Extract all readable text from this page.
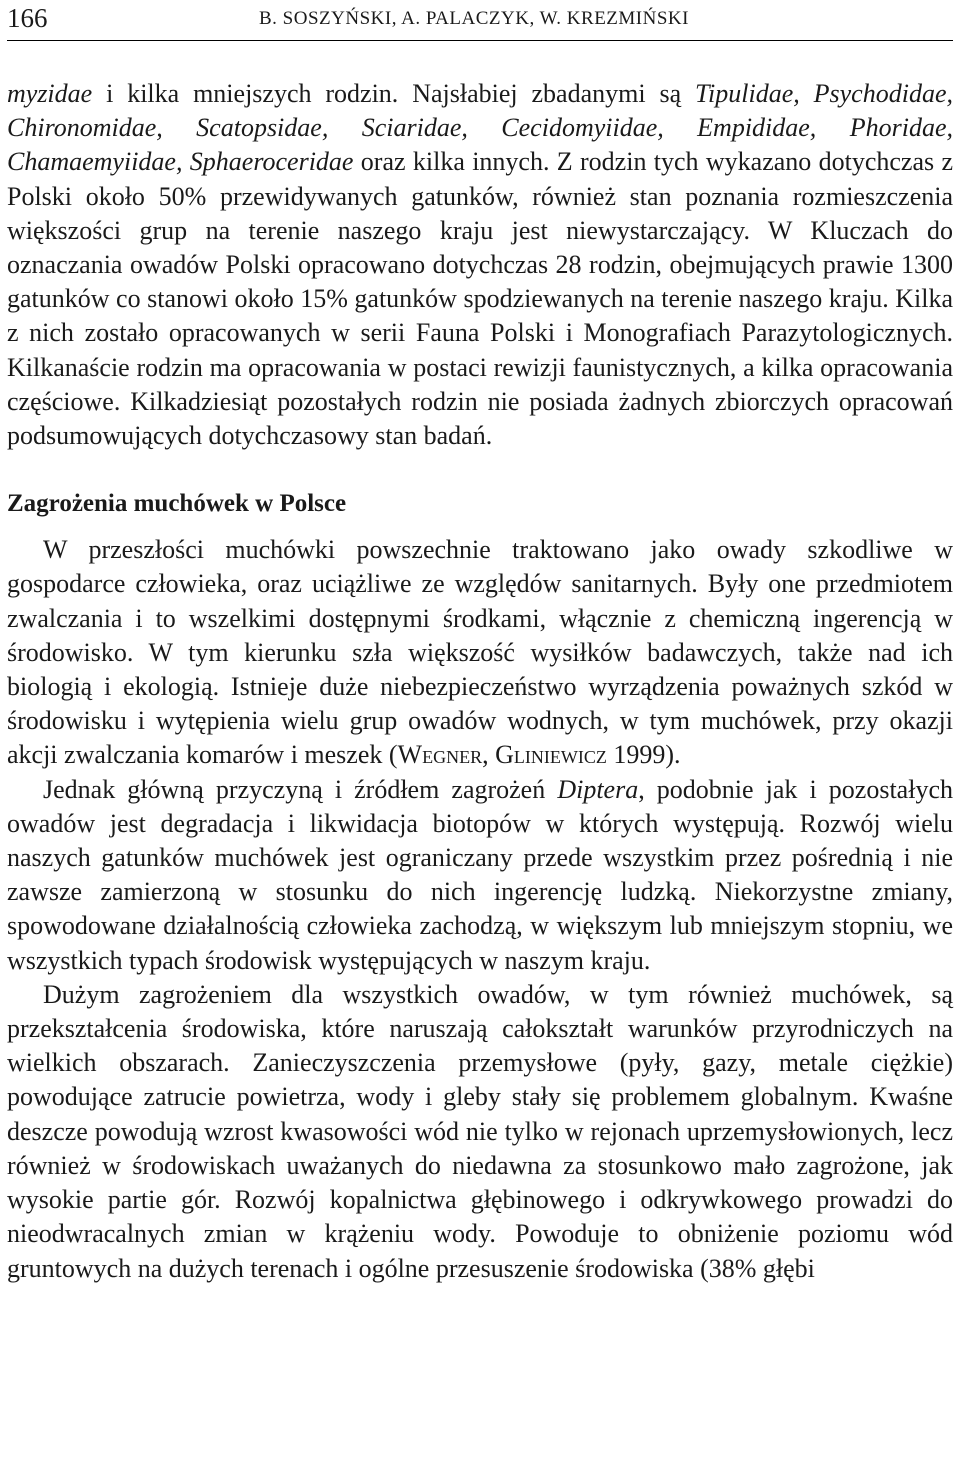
166	B. SOSZYŃSKI, A. PALACZYK, W. KREZMIŃSKI

myzidae i kilka mniejszych rodzin. Najsłabiej zbadanymi są Tipulidae, Psychodidae, Chironomidae, Scatopsidae, Sciaridae, Cecidomyiidae, Empididae, Phoridae, Chamaemyiidae, Sphaeroceridae oraz kilka innych. Z rodzin tych wykazano dotychczas z Polski około 50% przewidywanych gatunków, również stan poznania rozmieszczenia większości grup na terenie naszego kraju jest niewystarczający. W Kluczach do oznaczania owadów Polski opracowano dotychczas 28 rodzin, obejmujących prawie 1300 gatunków co stanowi około 15% gatunków spodziewanych na terenie naszego kraju. Kilka z nich zostało opracowanych w serii Fauna Polski i Monografiach Parazytologicznych. Kilkanaście rodzin ma opracowania w postaci rewizji faunistycznych, a kilka opracowania częściowe. Kilkadziesiąt pozostałych rodzin nie posiada żadnych zbiorczych opracowań podsumowujących dotychczasowy stan badań.

Zagrożenia muchówek w Polsce

W przeszłości muchówki powszechnie traktowano jako owady szkodliwe w gospodarce człowieka, oraz uciążliwe ze względów sanitarnych. Były one przedmiotem zwalczania i to wszelkimi dostępnymi środkami, włącznie z chemiczną ingerencją w środowisko. W tym kierunku szła większość wysiłków badawczych, także nad ich biologią i ekologią. Istnieje duże niebezpieczeństwo wyrządzenia poważnych szkód w środowisku i wytępienia wielu grup owadów wodnych, w tym muchówek, przy okazji akcji zwalczania komarów i meszek (Wegner, Gliniewicz 1999).

Jednak główną przyczyną i źródłem zagrożeń Diptera, podobnie jak i pozostałych owadów jest degradacja i likwidacja biotopów w których występują. Rozwój wielu naszych gatunków muchówek jest ograniczany przede wszystkim przez pośrednią i nie zawsze zamierzoną w stosunku do nich ingerencję ludzką. Niekorzystne zmiany, spowodowane działalnością człowieka zachodzą, w większym lub mniejszym stopniu, we wszystkich typach środowisk występujących w naszym kraju.

Dużym zagrożeniem dla wszystkich owadów, w tym również muchówek, są przekształcenia środowiska, które naruszają całokształt warunków przyrodniczych na wielkich obszarach. Zanieczyszczenia przemysłowe (pyły, gazy, metale ciężkie) powodujące zatrucie powietrza, wody i gleby stały się problemem globalnym. Kwaśne deszcze powodują wzrost kwasowości wód nie tylko w rejonach uprzemysłowionych, lecz również w środowiskach uważanych do niedawna za stosunkowo mało zagrożone, jak wysokie partie gór. Rozwój kopalnictwa głębinowego i odkrywkowego prowadzi do nieodwracalnych zmian w krążeniu wody. Powoduje to obniżenie poziomu wód gruntowych na dużych terenach i ogólne przesuszenie środowiska (38% głębi
